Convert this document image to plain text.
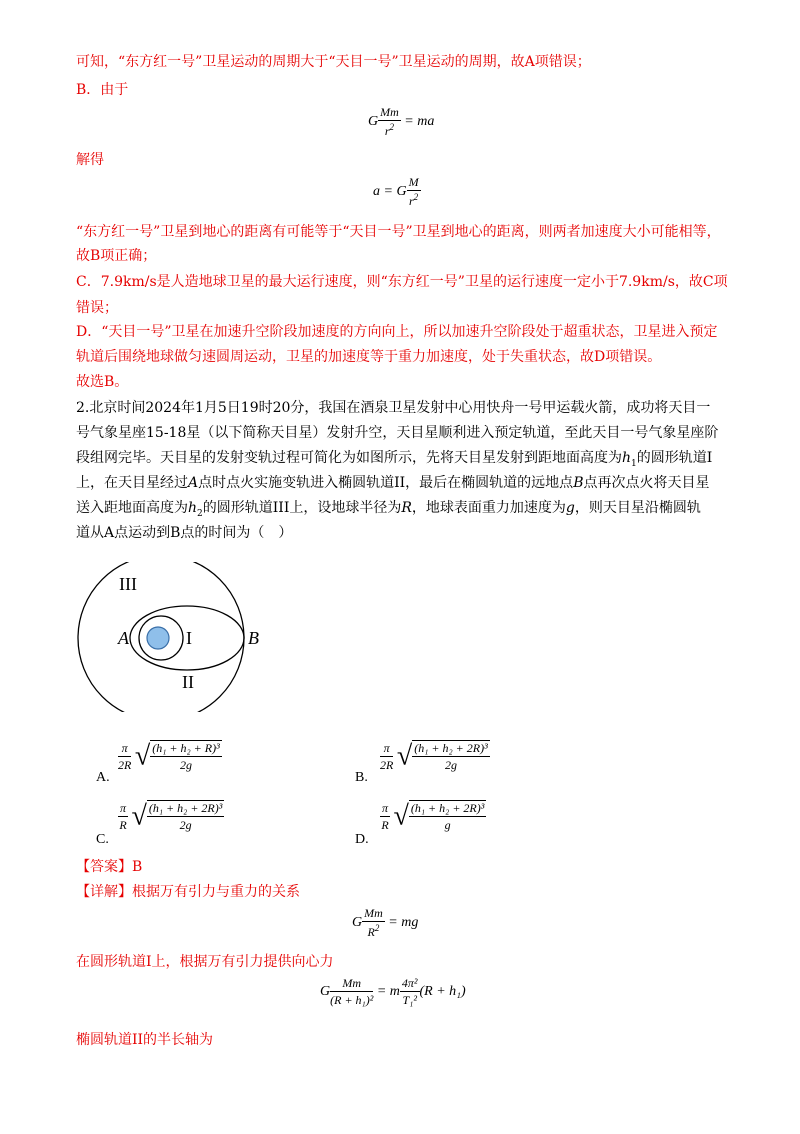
可知，“东方红一号”卫星运动的周期大于“天目一号”卫星运动的周期，故A项错误；
B．由于
G $\frac{Mm}{r^2}$ = ma
解得
a = G $\frac{M}{r^2}$
“东方红一号”卫星到地心的距离有可能等于“天目一号”卫星到地心的距离，则两者加速度大小可能相等，
故B项正确；
C．7.9km/s是人造地球卫星的最大运行速度，则“东方红一号”卫星的运行速度一定小于7.9km/s，故C项
错误；
D．“天目一号”卫星在加速升空阶段加速度的方向向上，所以加速升空阶段处于超重状态，卫星进入预定
轨道后围绕地球做匀速圆周运动，卫星的加速度等于重力加速度，处于失重状态，故D项错误。
故选B。
2.北京时间2024年1月5日19时20分，我国在酒泉卫星发射中心用快舟一号甲运载火箭，成功将天目一
号气象星座15-18星（以下简称天目星）发射升空，天目星顺利进入预定轨道，至此天目一号气象星座阶
段组网完毕。天目星的发射变轨过程可简化为如图所示，先将天目星发射到距地面高度为$h_1$的圆形轨道I
上，在天目星经过A点时点火实施变轨进入椭圆轨道II，最后在椭圆轨道的远地点B点再次点火将天目星
送入距地面高度为$h_2$的圆形轨道III上，设地球半径为R，地球表面重力加速度为g，则天目星沿椭圆轨
道从A点运动到B点的时间为（　）
III
I
II
A	B
A.
$\frac{\pi}{2R}$ √ $\frac{\text{(h₁ + h₂ + R)³}}{2g}$
B.
$\frac{\pi}{2R}$ √ $\frac{\text{(h₁ + h₂ + 2R)³}}{2g}$
C.
$\frac{\pi}{R}$ √ $\frac{\text{(h₁ + h₂ + 2R)³}}{2g}$
D.
$\frac{\pi}{R}$ √ $\frac{\text{(h₁ + h₂ + 2R)³}}{g}$
【答案】B
【详解】根据万有引力与重力的关系
G $\frac{Mm}{R^2}$ = mg
在圆形轨道I上，根据万有引力提供向心力
G $\frac{Mm}{\text{(R + h₁)²}} = m \frac{\text{4π²}}{\text{T₁²}} (R + h_1)$
椭圆轨道II的半长轴为
